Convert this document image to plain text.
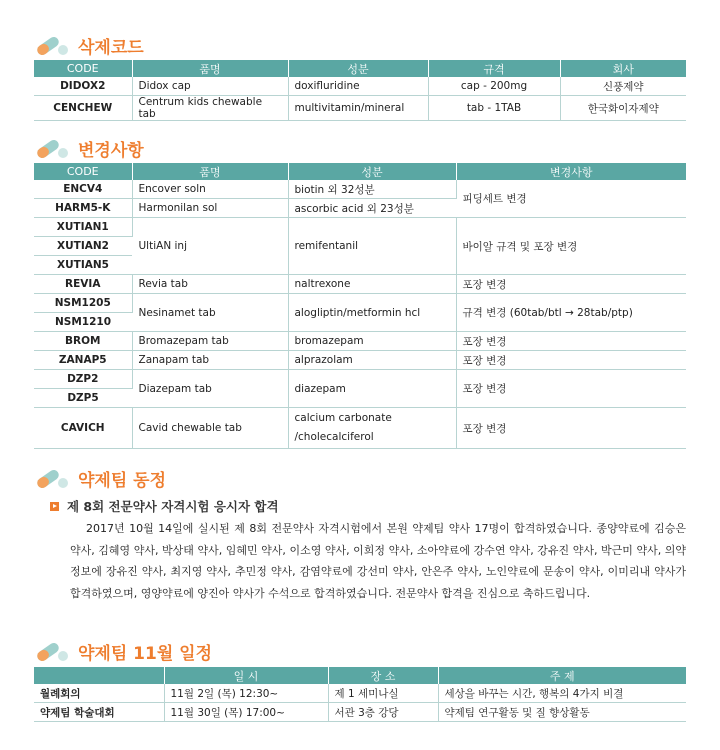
삭제코드
CODE	품명	성분	규격	회사
DIDOX2	Didox cap	doxifluridine	cap - 200mg	신풍제약
CENCHEW	Centrum kids chewable tab	multivitamin/mineral	tab - 1TAB	한국화이자제약
변경사항
CODE	품명	성분	변경사항
ENCV4	Encover soln	biotin 외 32성분	피딩세트 변경
HARM5-K	Harmonilan sol	ascorbic acid 외 23성분	
XUTIAN1	UltiAN inj	remifentanil	바이알 규격 및 포장 변경
XUTIAN2			
XUTIAN5			
REVIA	Revia tab	naltrexone	포장 변경
NSM1205	Nesinamet tab	alogliptin/metformin hcl	규격 변경 (60tab/btl → 28tab/ptp)
NSM1210			
BROM	Bromazepam tab	bromazepam	포장 변경
ZANAP5	Zanapam tab	alprazolam	포장 변경
DZP2	Diazepam tab	diazepam	포장 변경
DZP5			
CAVICH	Cavid chewable tab	calcium carbonate
/cholecalciferol	포장 변경
약제팀 동정
제 8회 전문약사 자격시험 응시자 합격
2017년 10월 14일에 실시된 제 8회 전문약사 자격시험에서 본원 약제팀 약사 17명이 합격하였습니다. 종양약료에 김승은 약사, 김혜영 약사, 박상태 약사, 임혜민 약사, 이소영 약사, 이희정 약사, 소아약료에 강수연 약사, 강유진 약사, 박근미 약사, 의약정보에 장유진 약사, 최지영 약사, 추민정 약사, 감염약료에 강선미 약사, 안은주 약사, 노인약료에 문송이 약사, 이미리내 약사가 합격하였으며, 영양약료에 양진아 약사가 수석으로 합격하였습니다. 전문약사 합격을 진심으로 축하드립니다.
약제팀 11월 일정
	일 시	장 소	주 제
월례회의	11월 2일 (목) 12:30~	제 1 세미나실	세상을 바꾸는 시간, 행복의 4가지 비결
약제팀 학술대회	11월 30일 (목) 17:00~	서관 3층 강당	약제팀 연구활동 및 질 향상활동
